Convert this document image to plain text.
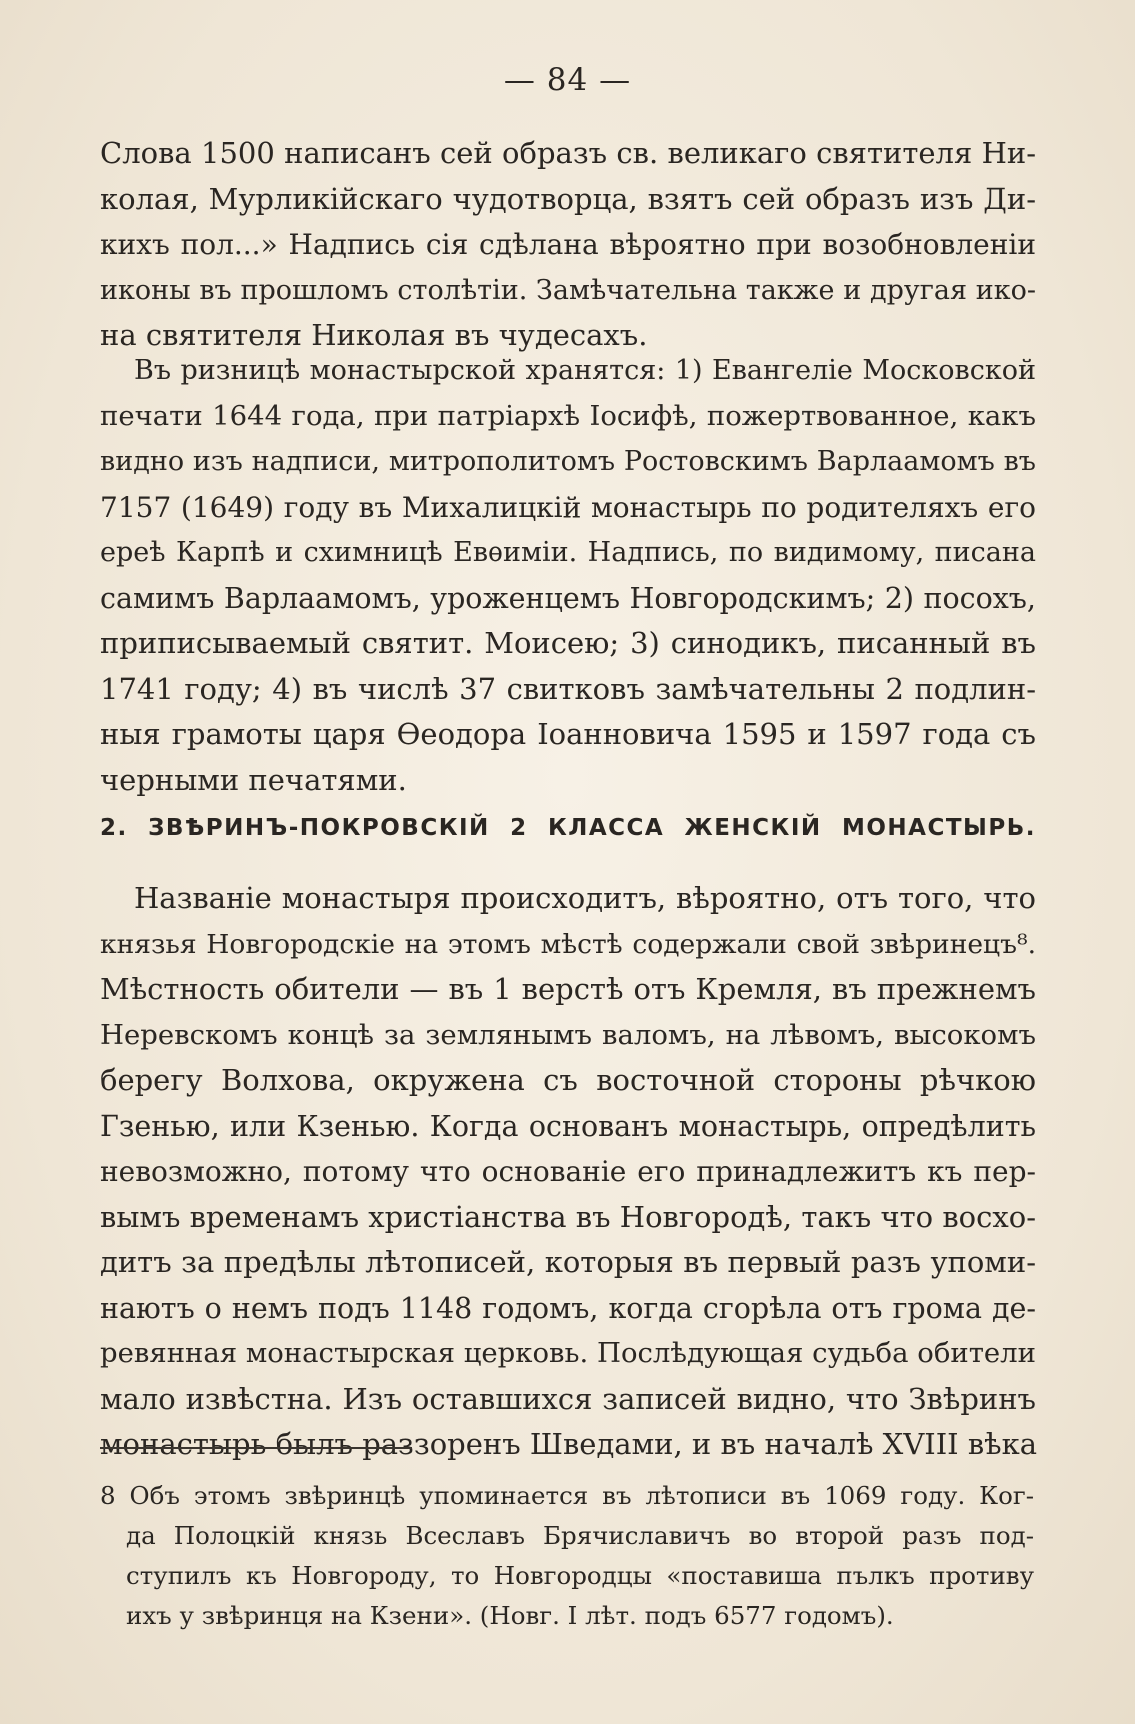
— 84 —
Слова 1500 написанъ сей образъ св. великаго святителя Ни-
колая, Мурликiйскаго чудотворца, взятъ сей образъ изъ Ди-
кихъ пол...» Надпись сiя сдѣлана вѣроятно при возобновленiи
иконы въ прошломъ столѣтiи. Замѣчательна также и другая ико-
на святителя Николая въ чудесахъ.
Въ ризницѣ монастырской хранятся: 1) Евангелiе Московской
печати 1644 года, при патрiархѣ Iосифѣ, пожертвованное, какъ
видно изъ надписи, митрополитомъ Ростовскимъ Варлаамомъ въ
7157 (1649) году въ Михалицкiй монастырь по родителяхъ его
ереѣ Карпѣ и схимницѣ Евѳимiи. Надпись, по видимому, писана
самимъ Варлаамомъ, уроженцемъ Новгородскимъ; 2) посохъ,
приписываемый святит. Моисею; 3) синодикъ, писанный въ
1741 году; 4) въ числѣ 37 свитковъ замѣчательны 2 подлин-
ныя грамоты царя Ѳеодора Iоанновича 1595 и 1597 года съ
черными печатями.
2. ЗВѢРИНЪ-ПОКРОВСКIЙ 2 КЛАССА ЖЕНСКIЙ МОНАСТЫРЬ.
Названiе монастыря происходитъ, вѣроятно, отъ того, что
князья Новгородскiе на этомъ мѣстѣ содержали свой звѣринецъ⁸.
Мѣстность обители — въ 1 верстѣ отъ Кремля, въ прежнемъ
Неревскомъ концѣ за землянымъ валомъ, на лѣвомъ, высокомъ
берегу Волхова, окружена съ восточной стороны рѣчкою
Гзенью, или Кзенью. Когда основанъ монастырь, опредѣлить
невозможно, потому что основанiе его принадлежитъ къ пер-
вымъ временамъ христiанства въ Новгородѣ, такъ что восхо-
дитъ за предѣлы лѣтописей, которыя въ первый разъ упоми-
наютъ о немъ подъ 1148 годомъ, когда сгорѣла отъ грома де-
ревянная монастырская церковь. Послѣдующая судьба обители
мало извѣстна. Изъ оставшихся записей видно, что Звѣринъ
монастырь былъ раззоренъ Шведами, и въ началѣ XVIII вѣка
8 Объ этомъ звѣринцѣ упоминается въ лѣтописи въ 1069 году. Ког-
да Полоцкiй князь Всеславъ Брячиславичъ во второй разъ под-
ступилъ къ Новгороду, то Новгородцы «поставиша пълкъ противу
ихъ у звѣринця на Кзени». (Новг. I лѣт. подъ 6577 годомъ).
